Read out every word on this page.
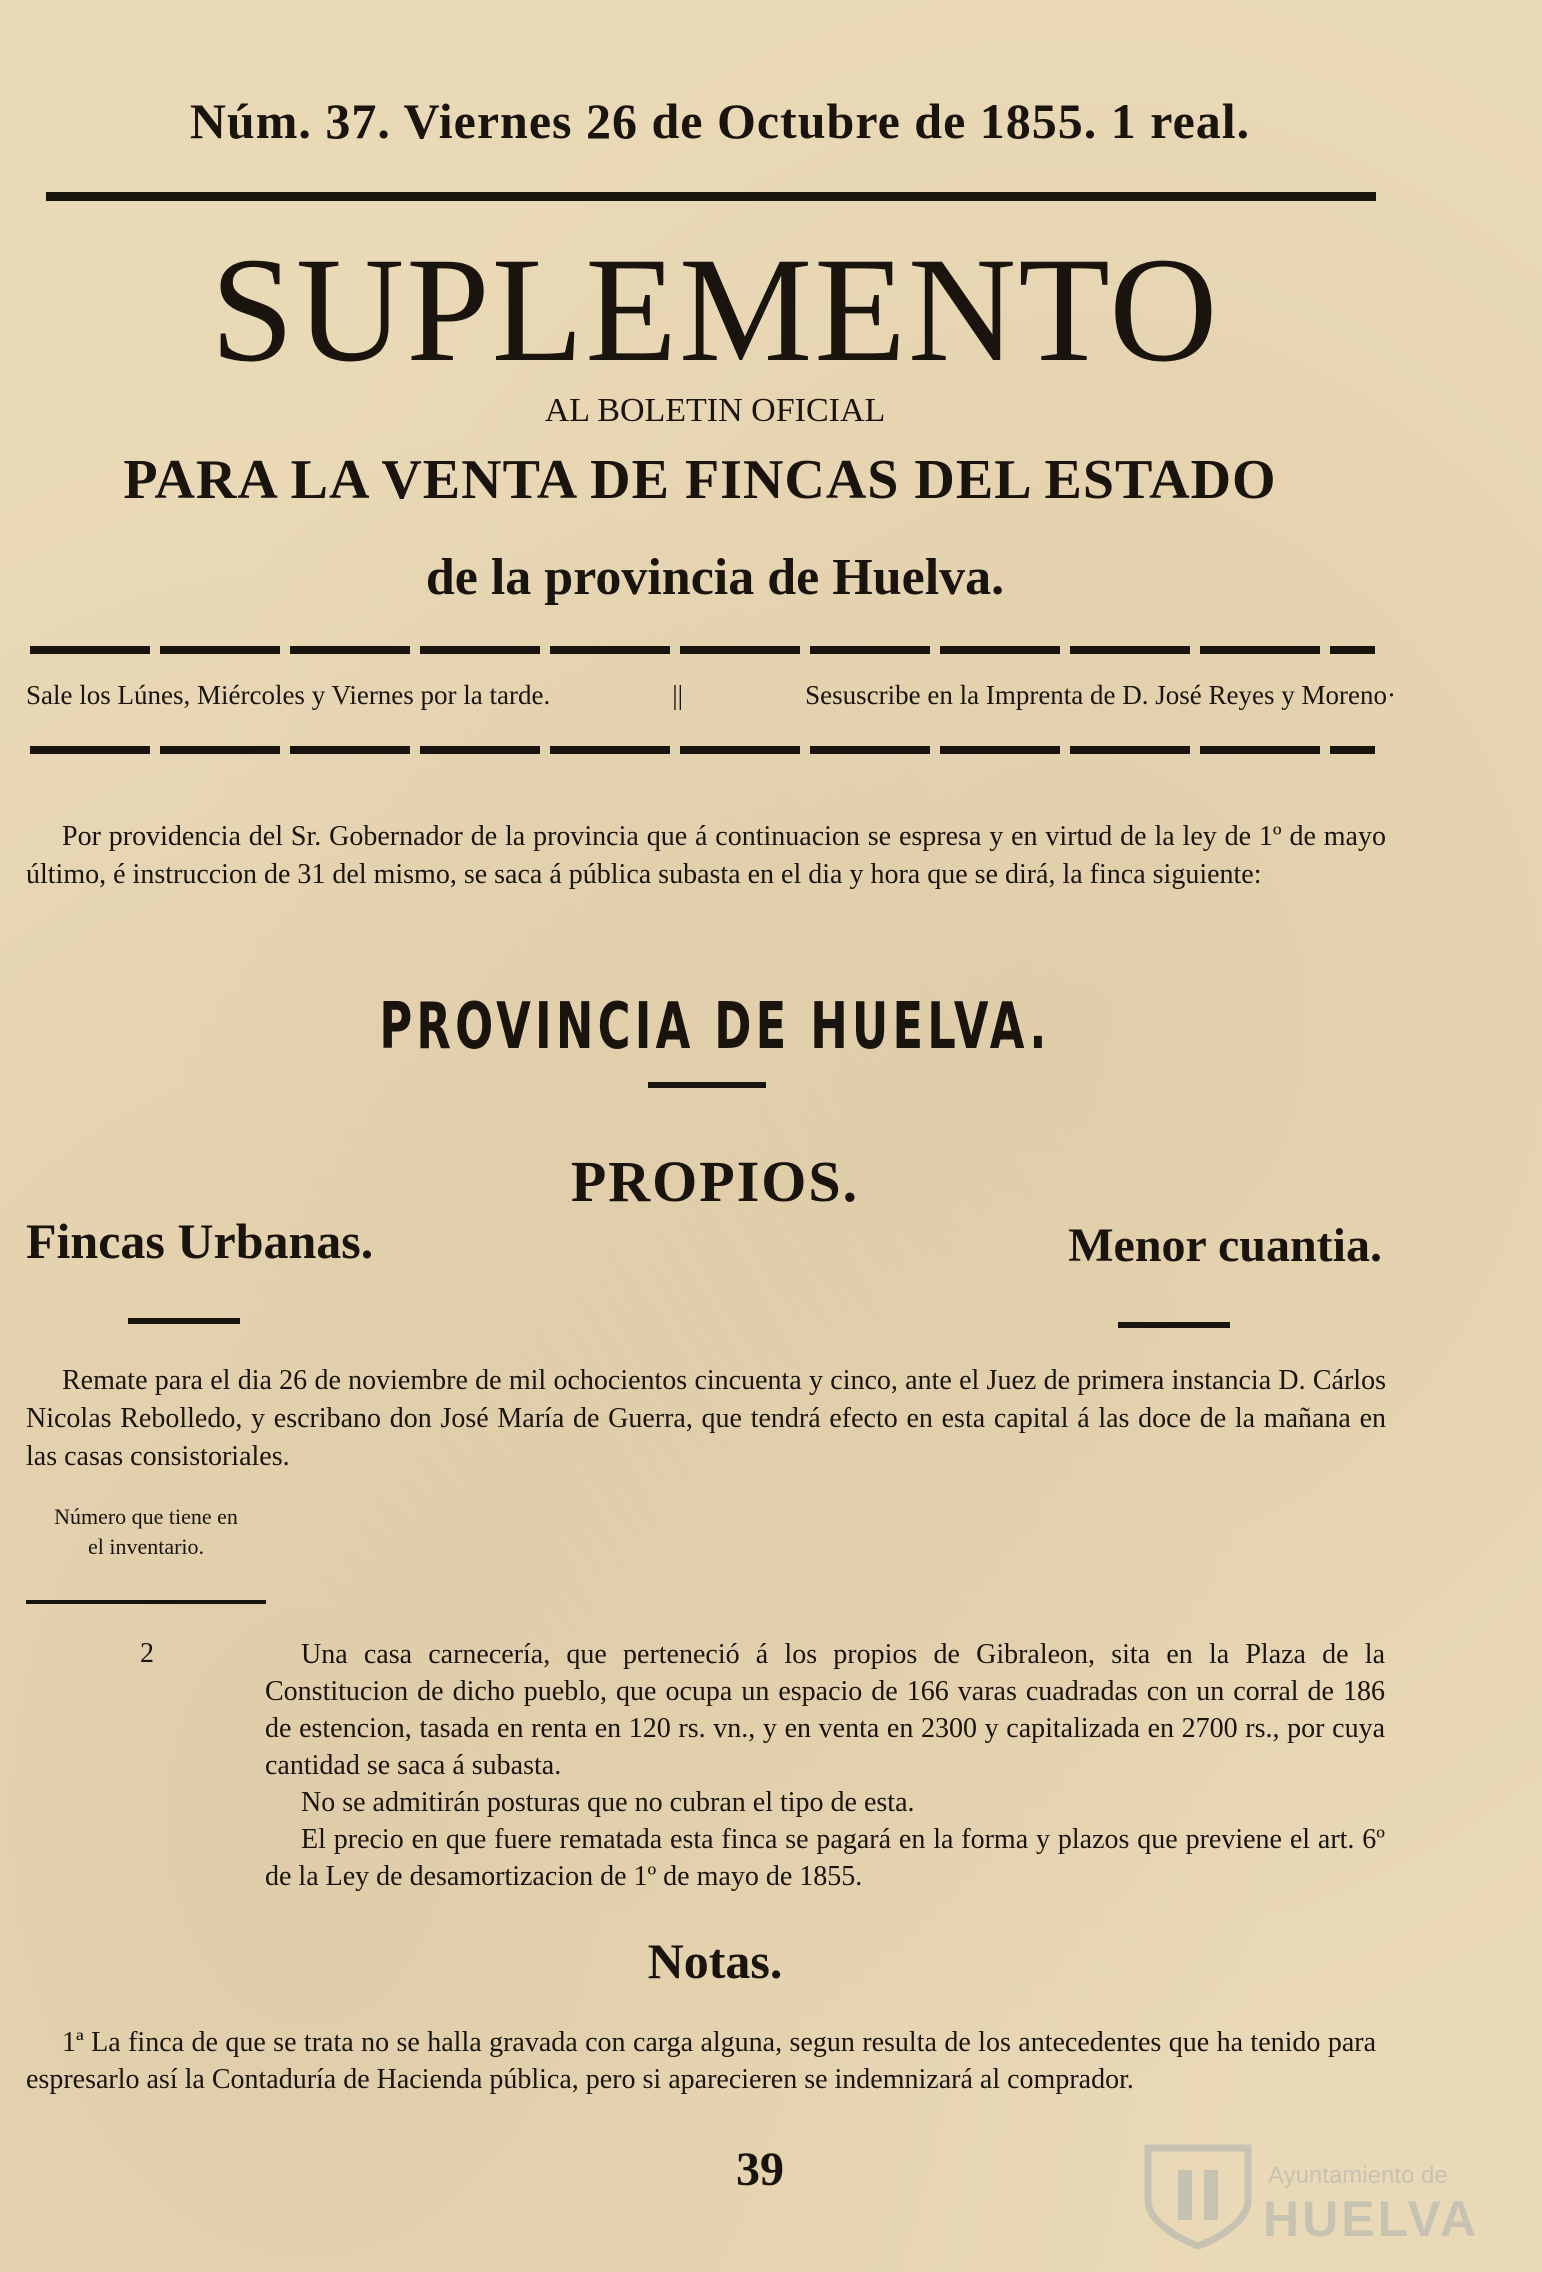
Núm. 37. Viernes 26 de Octubre de 1855. 1 real.
SUPLEMENTO
AL BOLETIN OFICIAL
PARA LA VENTA DE FINCAS DEL ESTADO
de la provincia de Huelva.
Sale los Lúnes, Miércoles y Viernes por la tarde.	||	Sesuscribe en la Imprenta de D. José Reyes y Moreno·
Por providencia del Sr. Gobernador de la provincia que á continuacion se espresa y en virtud de la ley de 1º de mayo último, é instruccion de 31 del mismo, se saca á pública subasta en el dia y hora que se dirá, la finca siguiente:
PROVINCIA DE HUELVA.
PROPIOS.
Fincas Urbanas.	Menor cuantia.
Remate para el dia 26 de noviembre de mil ochocientos cincuenta y cinco, ante el Juez de primera instancia D. Cárlos Nicolas Rebolledo, y escribano don José María de Guerra, que tendrá efecto en esta capital á las doce de la mañana en las casas consistoriales.
Número que tiene en el inventario.
2	Una casa carnecería, que perteneció á los propios de Gibraleon, sita en la Plaza de la Constitucion de dicho pueblo, que ocupa un espacio de 166 varas cuadradas con un corral de 186 de estencion, tasada en renta en 120 rs. vn., y en venta en 2300 y capitalizada en 2700 rs., por cuya cantidad se saca á subasta.

No se admitirán posturas que no cubran el tipo de esta.

El precio en que fuere rematada esta finca se pagará en la forma y plazos que previene el art. 6º de la Ley de desamortizacion de 1º de mayo de 1855.

Notas.
1ª La finca de que se trata no se halla gravada con carga alguna, segun resulta de los antecedentes que ha tenido para espresarlo así la Contaduría de Hacienda pública, pero si aparecieren se indemnizará al comprador.
39	Ayuntamiento de
HUELVA
